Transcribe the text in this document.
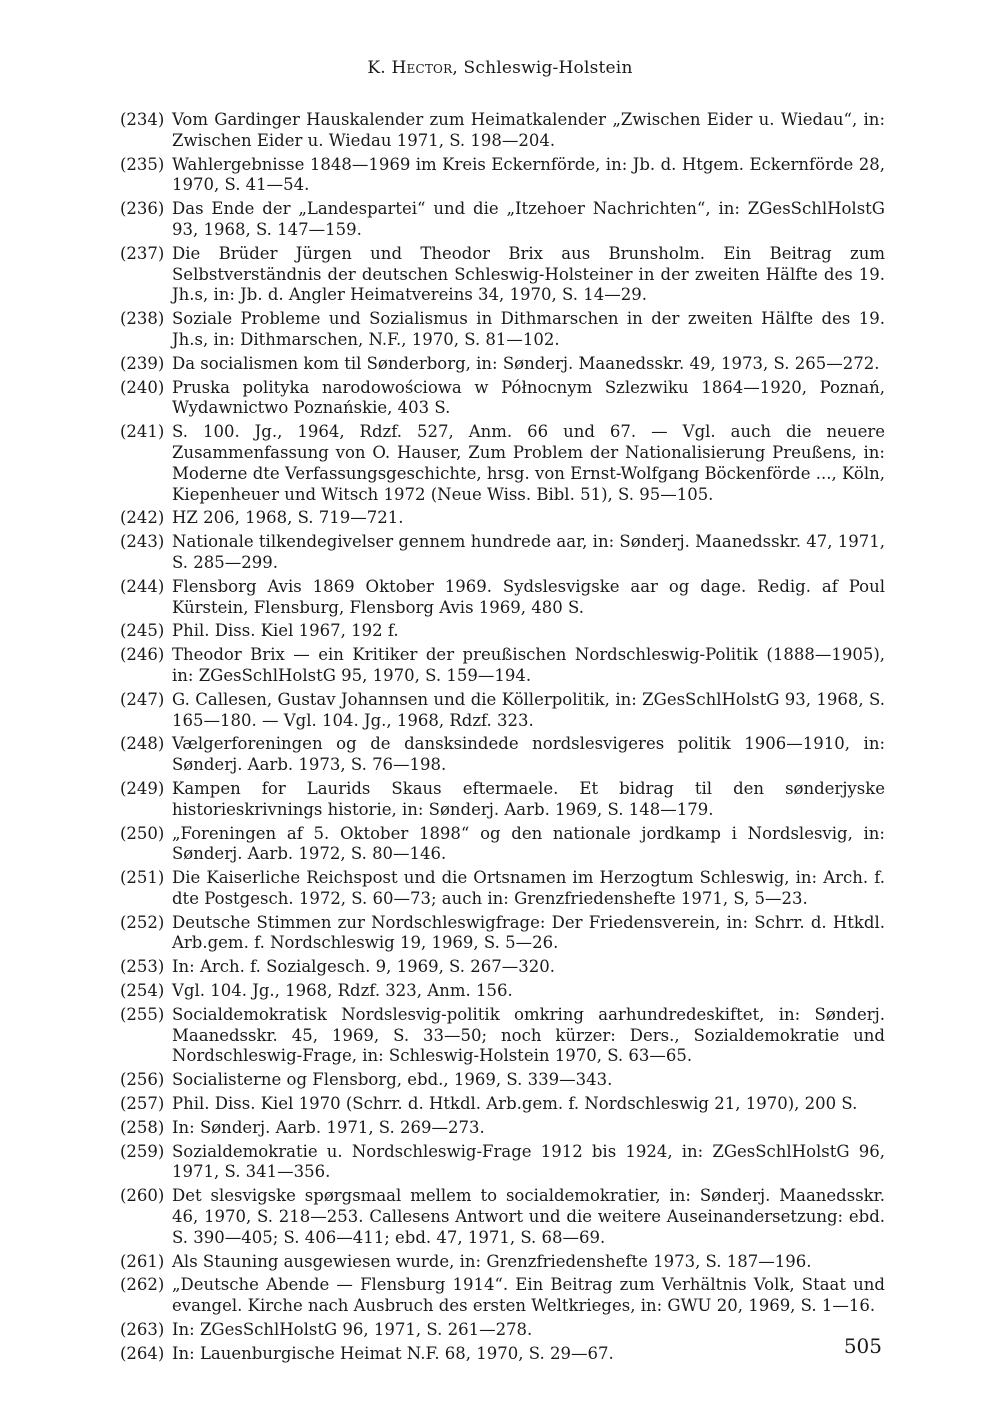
K. Hector, Schleswig-Holstein
(234) Vom Gardinger Hauskalender zum Heimatkalender „Zwischen Eider u. Wiedau“, in: Zwischen Eider u. Wiedau 1971, S. 198—204.
(235) Wahlergebnisse 1848—1969 im Kreis Eckernförde, in: Jb. d. Htgem. Eckernförde 28, 1970, S. 41—54.
(236) Das Ende der „Landespartei“ und die „Itzehoer Nachrichten“, in: ZGesSchlHolstG 93, 1968, S. 147—159.
(237) Die Brüder Jürgen und Theodor Brix aus Brunsholm. Ein Beitrag zum Selbstverständnis der deutschen Schleswig-Holsteiner in der zweiten Hälfte des 19. Jh.s, in: Jb. d. Angler Heimatvereins 34, 1970, S. 14—29.
(238) Soziale Probleme und Sozialismus in Dithmarschen in der zweiten Hälfte des 19. Jh.s, in: Dithmarschen, N.F., 1970, S. 81—102.
(239) Da socialismen kom til Sønderborg, in: Sønderj. Maanedsskr. 49, 1973, S. 265—272.
(240) Pruska polityka narodowościowa w Północnym Szlezwiku 1864—1920, Poznań, Wydawnictwo Poznańskie, 403 S.
(241) S. 100. Jg., 1964, Rdzf. 527, Anm. 66 und 67. — Vgl. auch die neuere Zusammenfassung von O. Hauser, Zum Problem der Nationalisierung Preußens, in: Moderne dte Verfassungsgeschichte, hrsg. von Ernst-Wolfgang Böckenförde ..., Köln, Kiepenheuer und Witsch 1972 (Neue Wiss. Bibl. 51), S. 95—105.
(242) HZ 206, 1968, S. 719—721.
(243) Nationale tilkendegivelser gennem hundrede aar, in: Sønderj. Maanedsskr. 47, 1971, S. 285—299.
(244) Flensborg Avis 1869 Oktober 1969. Sydslesvigske aar og dage. Redig. af Poul Kürstein, Flensburg, Flensborg Avis 1969, 480 S.
(245) Phil. Diss. Kiel 1967, 192 f.
(246) Theodor Brix — ein Kritiker der preußischen Nordschleswig-Politik (1888—1905), in: ZGesSchlHolstG 95, 1970, S. 159—194.
(247) G. Callesen, Gustav Johannsen und die Köllerpolitik, in: ZGesSchlHolstG 93, 1968, S. 165—180. — Vgl. 104. Jg., 1968, Rdzf. 323.
(248) Vælgerforeningen og de dansksindede nordslesvigeres politik 1906—1910, in: Sønderj. Aarb. 1973, S. 76—198.
(249) Kampen for Laurids Skaus eftermaele. Et bidrag til den sønderjyske historieskrivnings historie, in: Sønderj. Aarb. 1969, S. 148—179.
(250) „Foreningen af 5. Oktober 1898“ og den nationale jordkamp i Nordslesvig, in: Sønderj. Aarb. 1972, S. 80—146.
(251) Die Kaiserliche Reichspost und die Ortsnamen im Herzogtum Schleswig, in: Arch. f. dte Postgesch. 1972, S. 60—73; auch in: Grenzfriedenshefte 1971, S, 5—23.
(252) Deutsche Stimmen zur Nordschleswigfrage: Der Friedensverein, in: Schrr. d. Htkdl. Arb.gem. f. Nordschleswig 19, 1969, S. 5—26.
(253) In: Arch. f. Sozialgesch. 9, 1969, S. 267—320.
(254) Vgl. 104. Jg., 1968, Rdzf. 323, Anm. 156.
(255) Socialdemokratisk Nordslesvig-politik omkring aarhundredeskiftet, in: Sønderj. Maanedsskr. 45, 1969, S. 33—50; noch kürzer: Ders., Sozialdemokratie und Nordschleswig-Frage, in: Schleswig-Holstein 1970, S. 63—65.
(256) Socialisterne og Flensborg, ebd., 1969, S. 339—343.
(257) Phil. Diss. Kiel 1970 (Schrr. d. Htkdl. Arb.gem. f. Nordschleswig 21, 1970), 200 S.
(258) In: Sønderj. Aarb. 1971, S. 269—273.
(259) Sozialdemokratie u. Nordschleswig-Frage 1912 bis 1924, in: ZGesSchlHolstG 96, 1971, S. 341—356.
(260) Det slesvigske spørgsmaal mellem to socialdemokratier, in: Sønderj. Maanedsskr. 46, 1970, S. 218—253. Callesens Antwort und die weitere Auseinandersetzung: ebd. S. 390—405; S. 406—411; ebd. 47, 1971, S. 68—69.
(261) Als Stauning ausgewiesen wurde, in: Grenzfriedenshefte 1973, S. 187—196.
(262) „Deutsche Abende — Flensburg 1914“. Ein Beitrag zum Verhältnis Volk, Staat und evangel. Kirche nach Ausbruch des ersten Weltkrieges, in: GWU 20, 1969, S. 1—16.
(263) In: ZGesSchlHolstG 96, 1971, S. 261—278.
(264) In: Lauenburgische Heimat N.F. 68, 1970, S. 29—67.	505
